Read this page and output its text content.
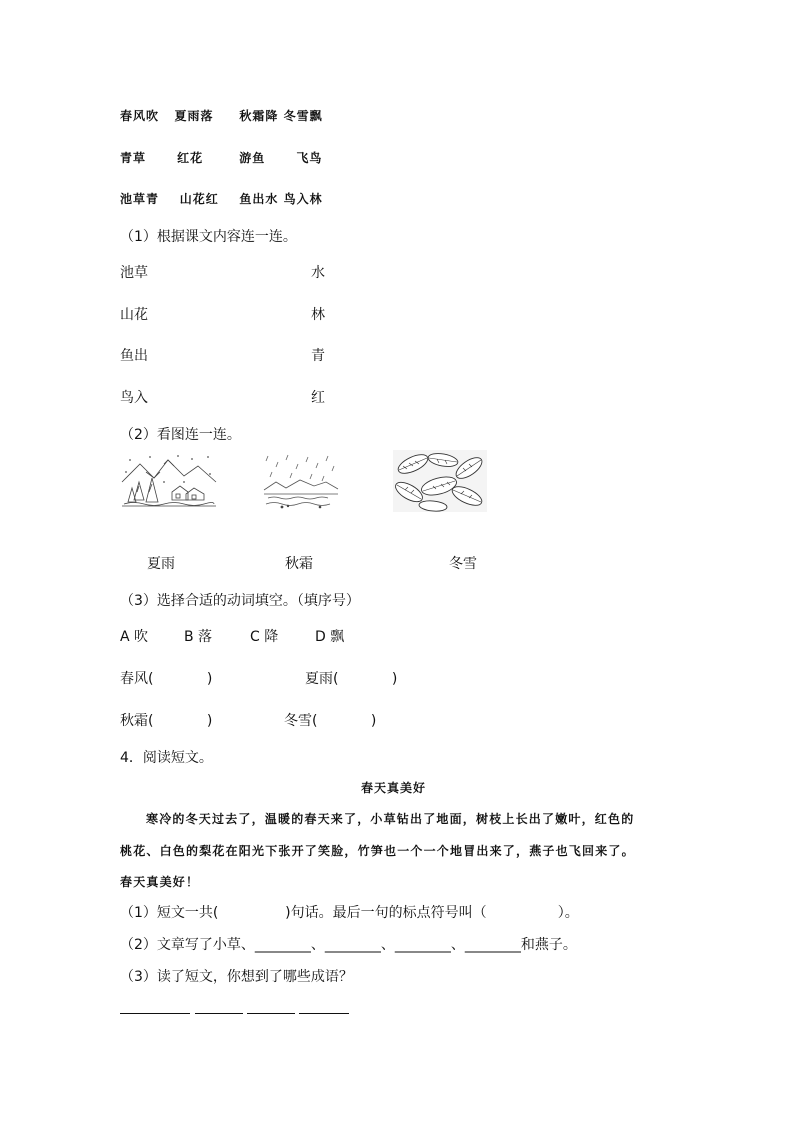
春风吹   夏雨落     秋霜降 冬雪飘
青草      红花       游鱼      飞鸟
池草青    山花红    鱼出水 鸟入林
（1）根据课文内容连一连。
池草	水
山花	林
鱼出	青
鸟入	红
（2）看图连一连。
夏雨	秋霜	冬雪
（3）选择合适的动词填空。（填序号）
A 吹	B 落	C 降	D 飘
春风(            )	夏雨(            )
秋霜(            )	冬雪(            )
4．阅读短文。
春天真美好
寒冷的冬天过去了，温暖的春天来了，小草钻出了地面，树枝上长出了嫩叶，红色的
桃花、白色的梨花在阳光下张开了笑脸，竹笋也一个一个地冒出来了，燕子也飞回来了。
春天真美好！
（1）短文一共(               )句话。最后一句的标点符号叫（                ）。
（2）文章写了小草、________、________、________、________和燕子。
（3）读了短文，你想到了哪些成语？
